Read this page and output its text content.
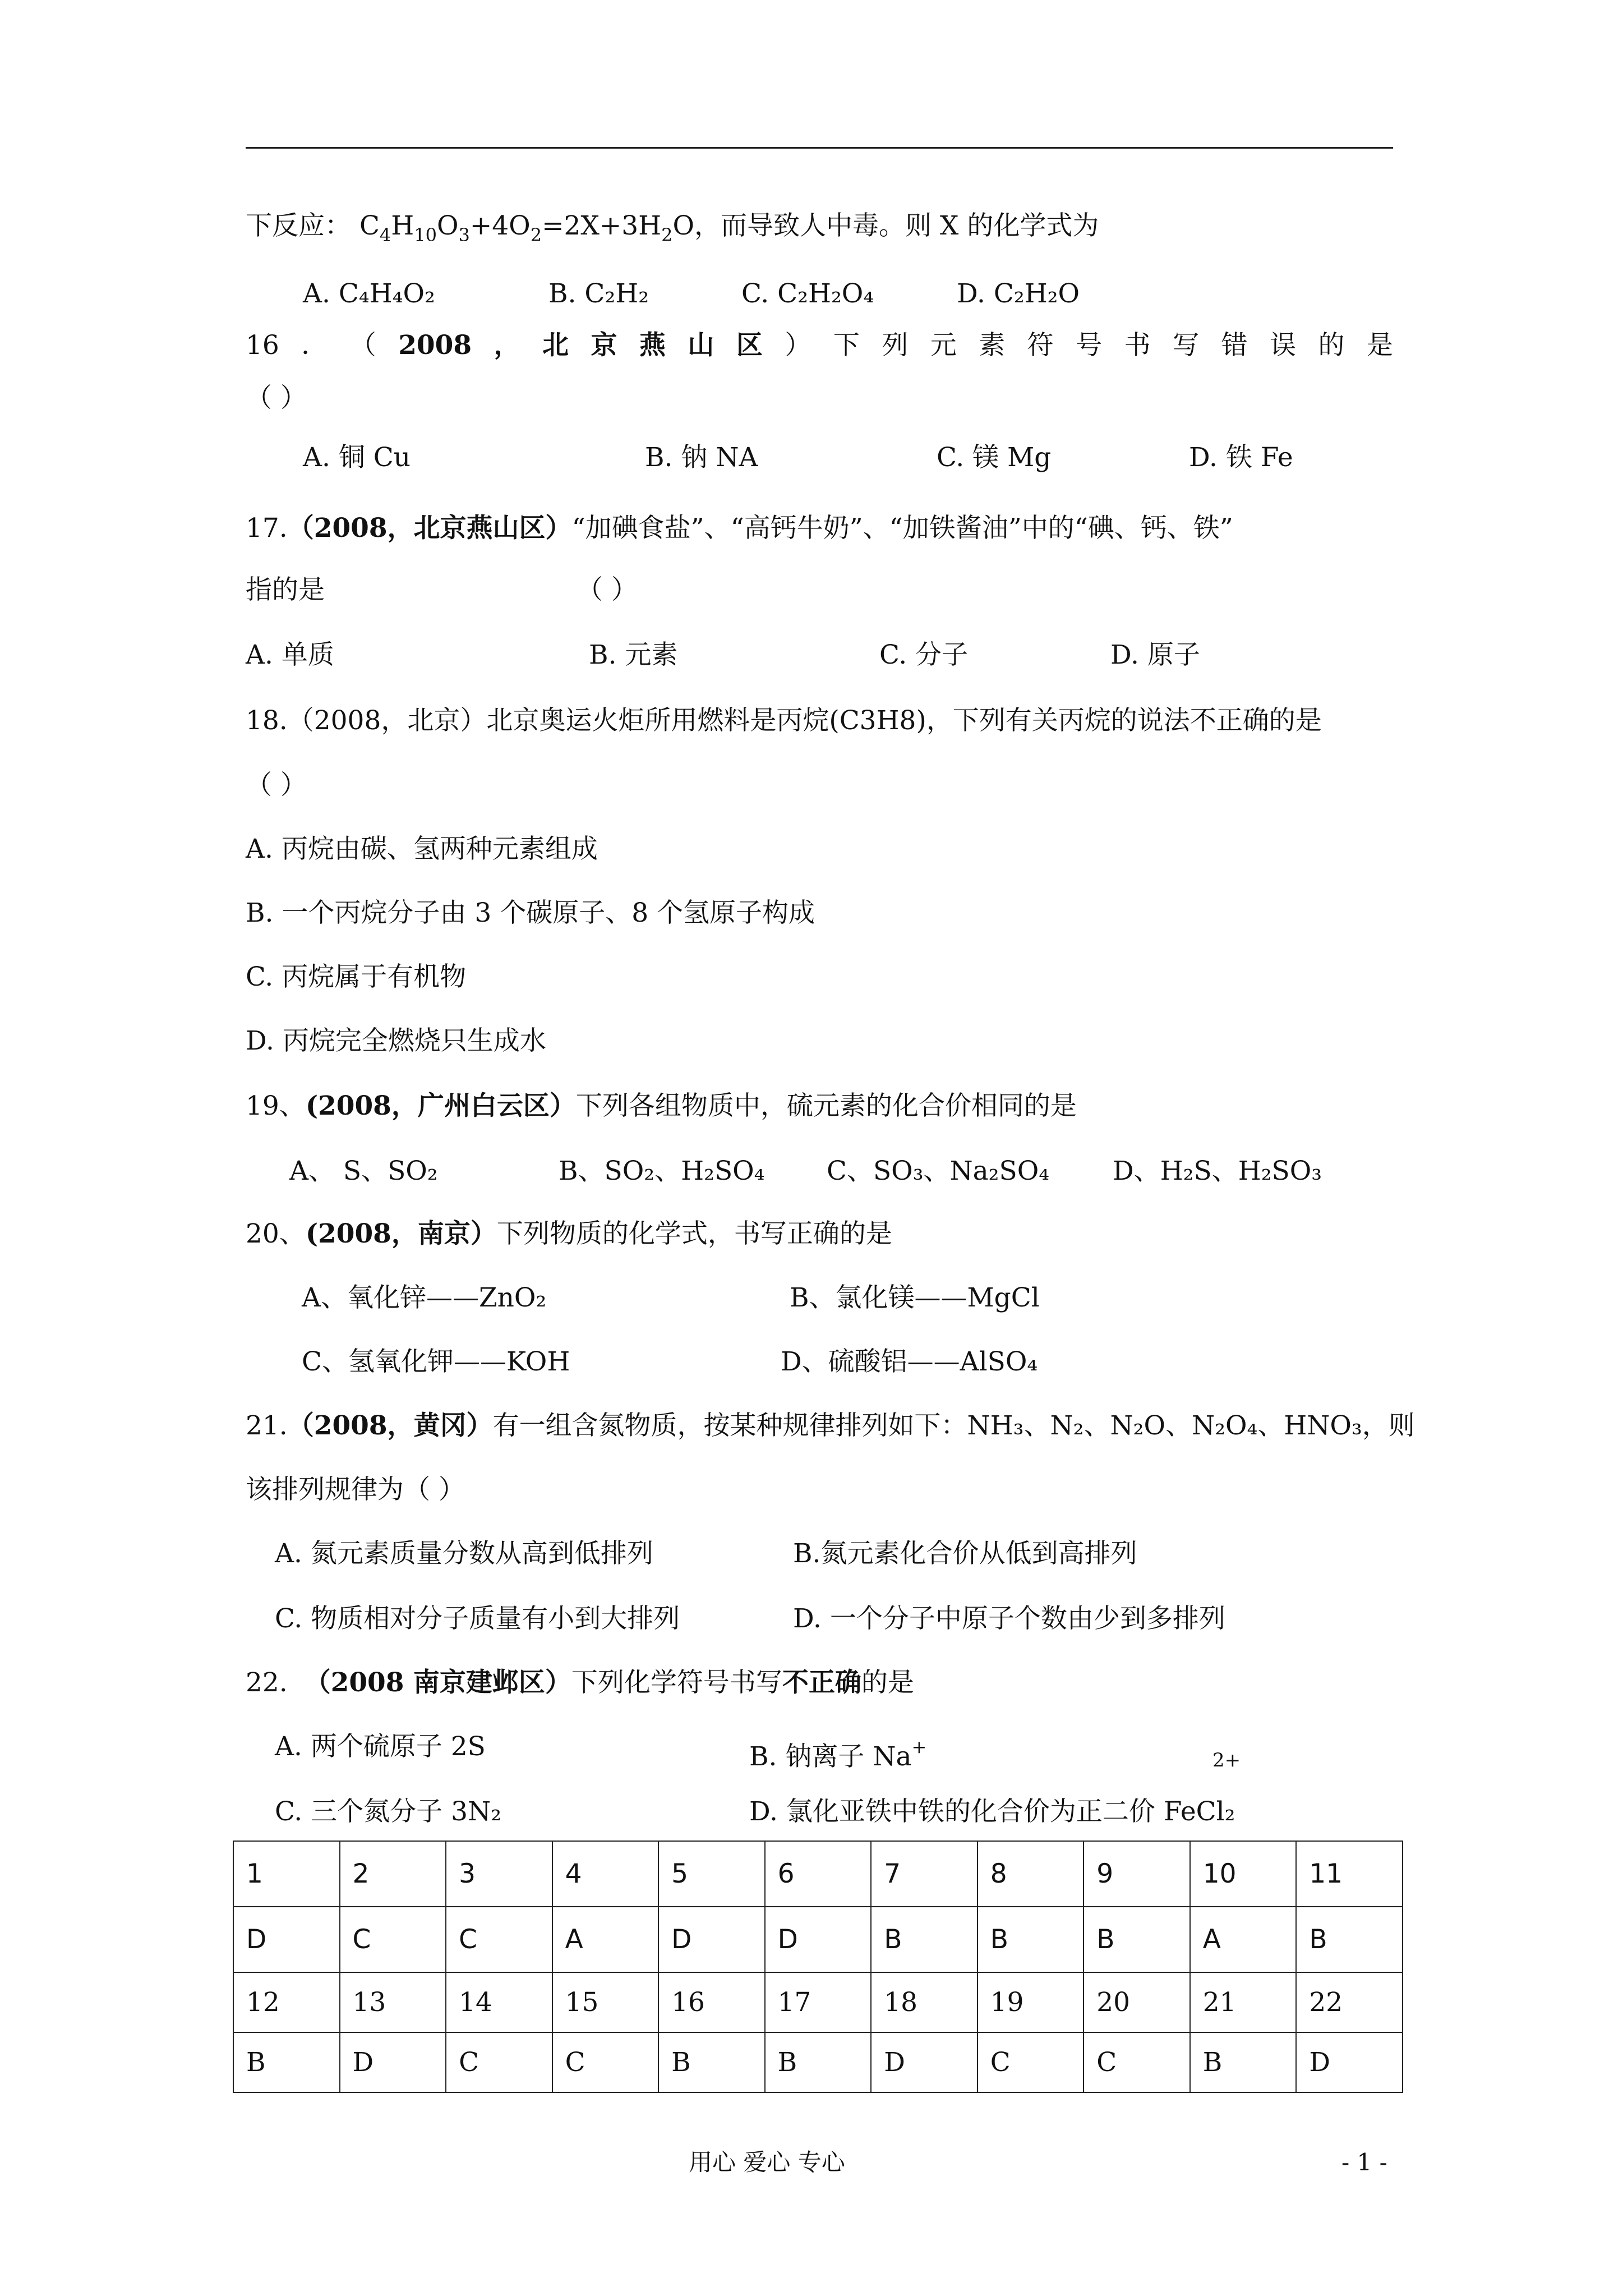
下反应： $C_4H_{10}O_3+4O_2=2X+3H_2O$，而导致人中毒。则 X 的化学式为
A. C₄H₄O₂	B. C₂H₂	C. C₂H₂O₄	D. C₂H₂O
16 ． （ 2008 ， 北 京 燕 山 区 ） 下 列 元 素 符 号 书 写 错 误 的 是
（ ）
A. 铜 Cu	B. 钠 NA	C. 镁 Mg	D. 铁 Fe
17.（2008，北京燕山区）“加碘食盐”、“高钙牛奶”、“加铁酱油”中的“碘、钙、铁”
指的是	（ ）
A. 单质	B. 元素	C. 分子	D. 原子
18.（2008，北京）北京奥运火炬所用燃料是丙烷(C3H8)，下列有关丙烷的说法不正确的是
（ ）
A. 丙烷由碳、氢两种元素组成
B. 一个丙烷分子由 3 个碳原子、8 个氢原子构成
C. 丙烷属于有机物
D. 丙烷完全燃烧只生成水
19、(2008，广州白云区）下列各组物质中，硫元素的化合价相同的是
A、 S、SO₂	B、SO₂、H₂SO₄ C、SO₃、Na₂SO₄ D、H₂S、H₂SO₃
20、(2008，南京）下列物质的化学式，书写正确的是
A、氧化锌——ZnO₂	B、氯化镁——MgCl
C、氢氧化钾——KOH	D、硫酸铝——AlSO₄
21.（2008，黄冈）有一组含氮物质，按某种规律排列如下：NH₃、N₂、N₂O、N₂O₄、HNO₃，则
该排列规律为（ ）
A. 氮元素质量分数从高到低排列	B.氮元素化合价从低到高排列
C. 物质相对分子质量有小到大排列	D. 一个分子中原子个数由少到多排列
22. （2008 南京建邺区）下列化学符号书写不正确的是
A. 两个硫原子 2S	B. 钠离子 Na+
2+
C. 三个氮分子 3N₂	D. 氯化亚铁中铁的化合价为正二价 FeCl₂
1	2	3	4	5	6	7	8	9	10	11
D	C	C	A	D	D	B	B	B	A	B
12	13	14	15	16	17	18	19	20	21	22
B	D	C	C	B	B	D	C	C	B	D
用心 爱心 专心	- 1 -
